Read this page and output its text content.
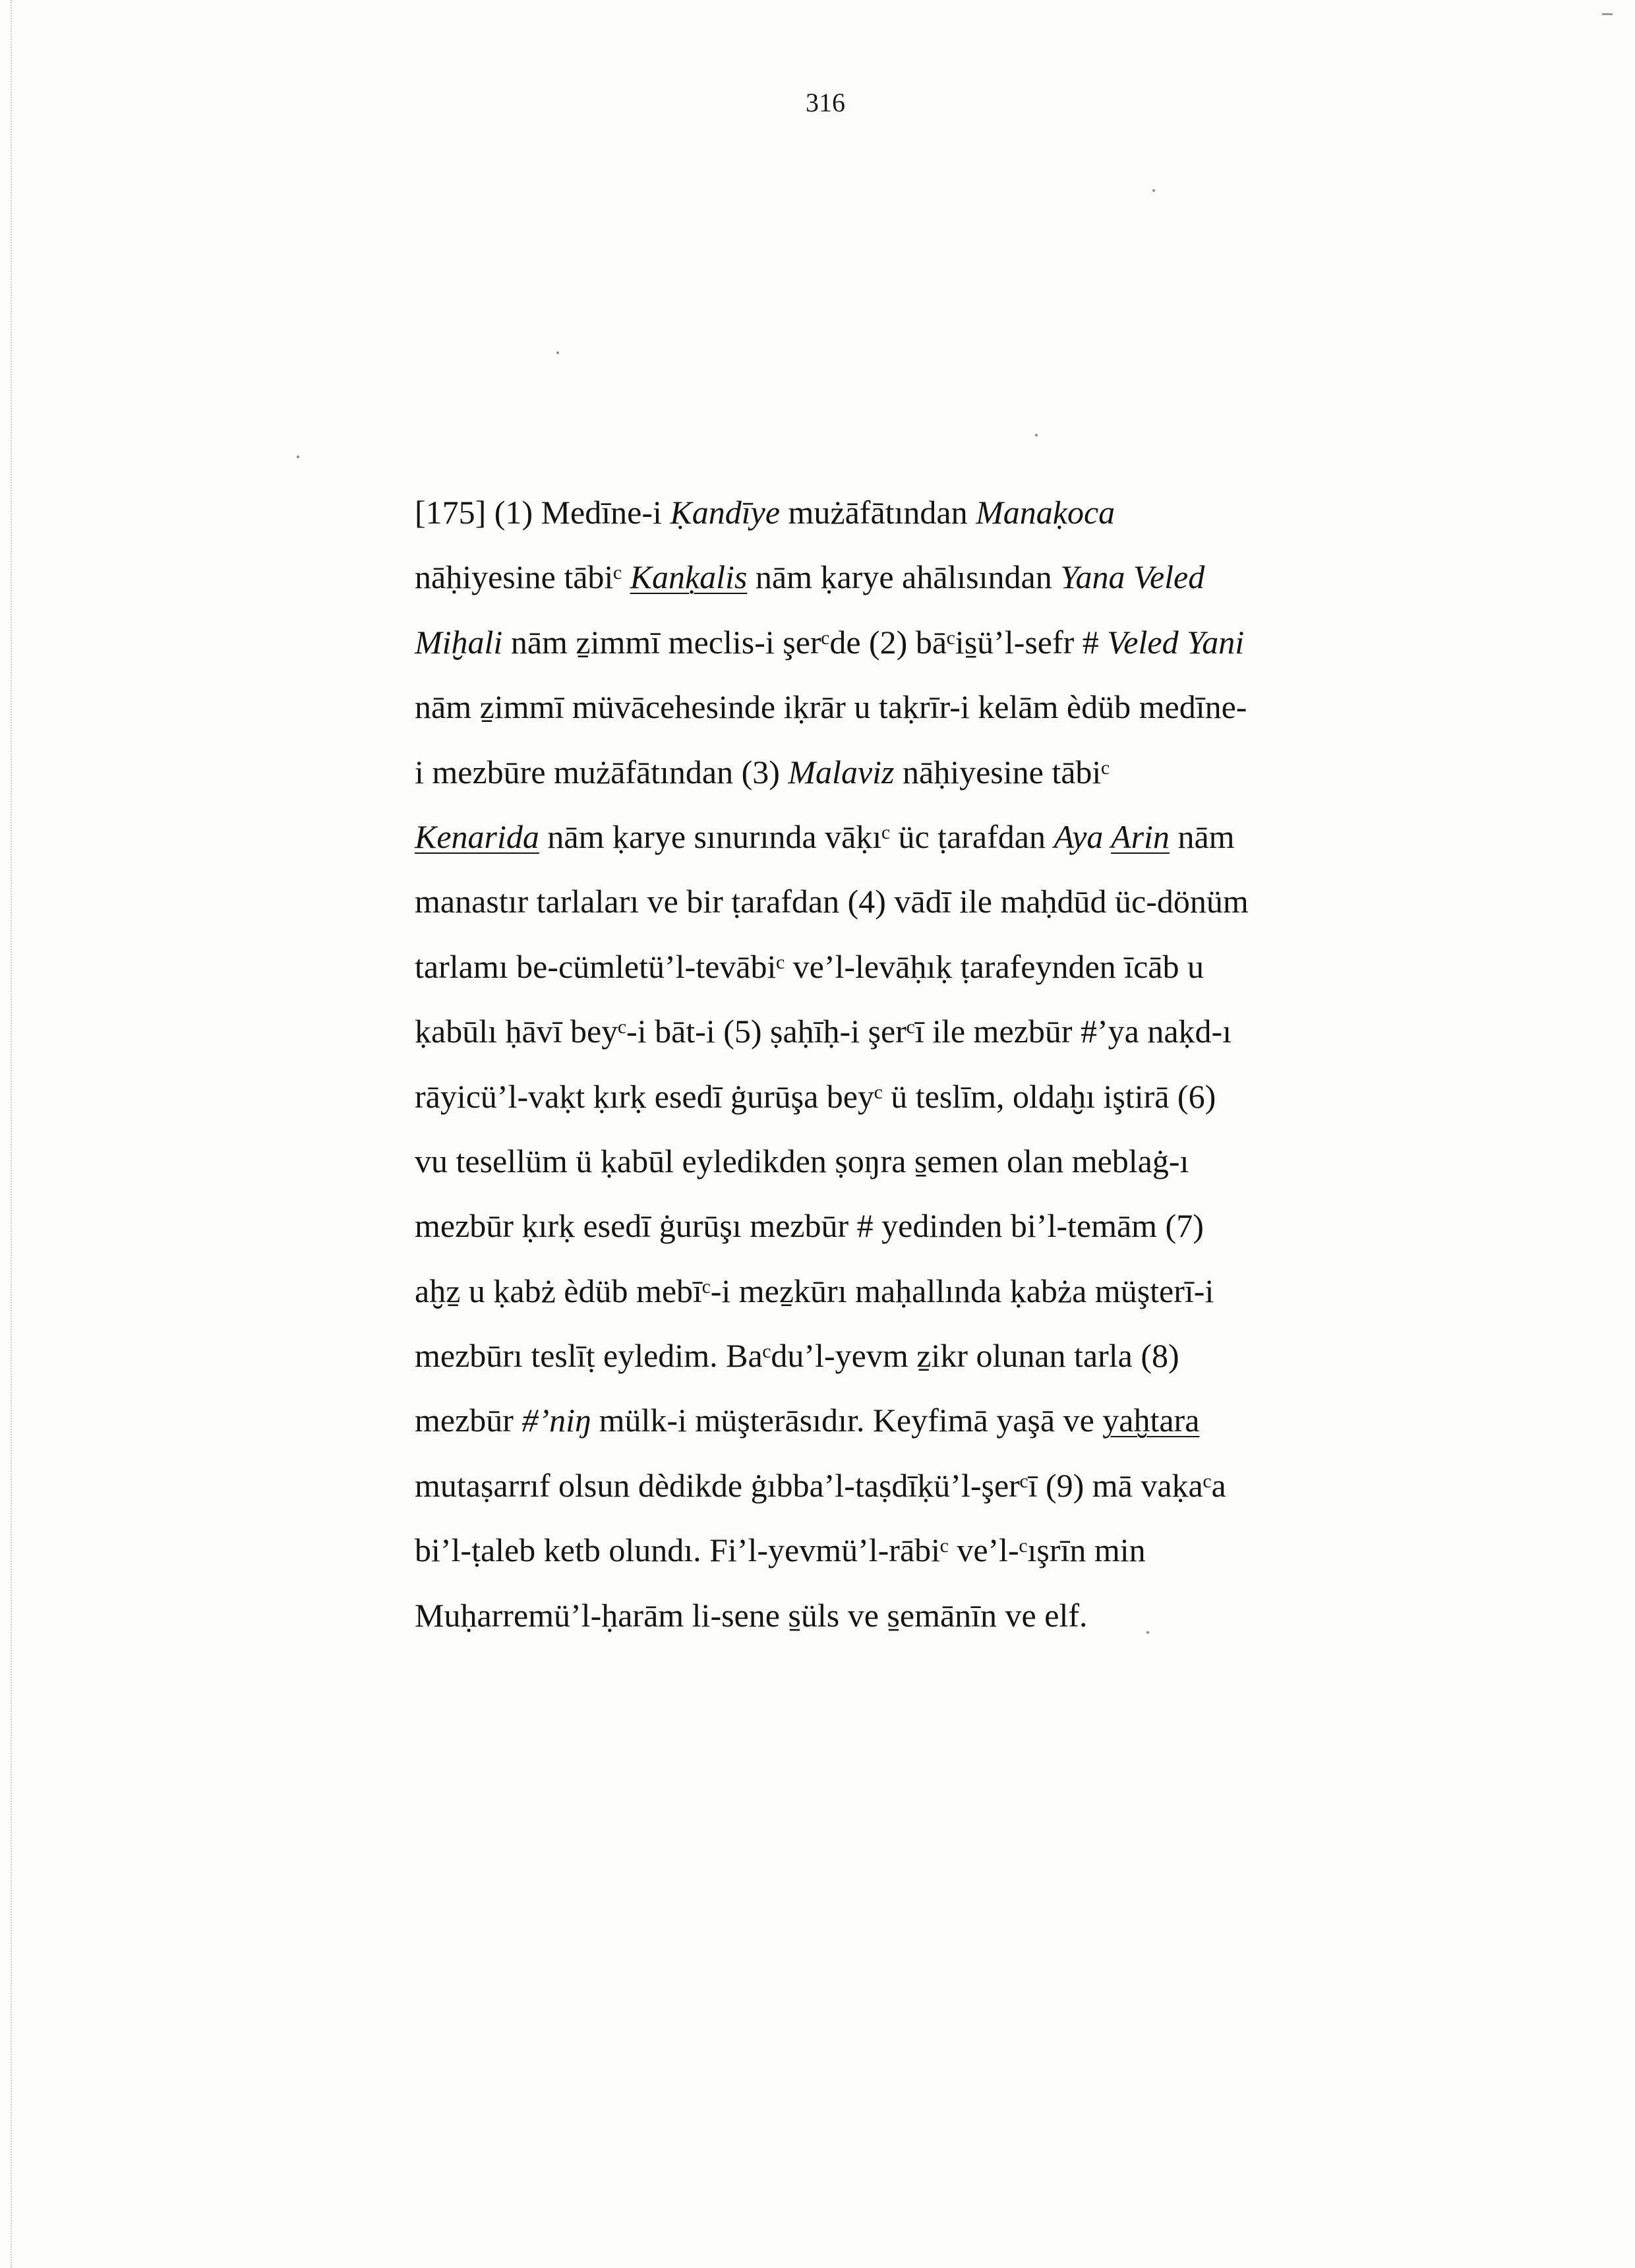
316
[175] (1) Medīne-i Ḳandīye mużāfātından Manaḳoca
nāḥiyesine tābiᶜ Kanḳalis nām ḳarye ahālısından Yana Veled
Miḫali nām ẕimmī meclis-i şerᶜde (2) bāᶜis̱ü’l-sefr # Veled Yani
nām ẕimmī müvācehesinde iḳrār u taḳrīr-i kelām èdüb medīne-
i mezbūre mużāfātından (3) Malaviz nāḥiyesine tābiᶜ
Kenarida nām ḳarye sınurında vāḳıᶜ üc ṭarafdan Aya Arin nām
manastır tarlaları ve bir ṭarafdan (4) vādī ile maḥdūd üc-dönüm
tarlamı be-cümletü’l-tevābiᶜ ve’l-levāḥıḳ ṭarafeynden īcāb u
ḳabūlı ḥāvī beyᶜ-i bāt-i (5) ṣaḥīḥ-i şerᶜī ile mezbūr #’ya naḳd-ı
rāyicü’l-vaḳt ḳırḳ esedī ġurūşa beyᶜ ü teslīm, oldaḫı iştirā (6)
vu tesellüm ü ḳabūl eyledikden ṣoŋra s̱emen olan meblaġ-ı
mezbūr ḳırḳ esedī ġurūşı mezbūr # yedinden bi’l-temām (7)
aḫẕ u ḳabż èdüb mebīᶜ-i meẕkūrı maḥallında ḳabża müşterī-i
mezbūrı teslīṭ eyledim. Baᶜdu’l-yevm ẕikr olunan tarla (8)
mezbūr #’niŋ mülk-i müşterāsıdır. Keyfimā yaşā ve yaḫtara
mutaṣarrıf olsun dèdikde ġıbba’l-taṣdīḳü’l-şerᶜī (9) mā vaḳaᶜa
bi’l-ṭaleb ketb olundı. Fi’l-yevmü’l-rābiᶜ ve’l-ᶜışrīn min
Muḥarremü’l-ḥarām li-sene s̱üls ve s̱emānīn ve elf.
